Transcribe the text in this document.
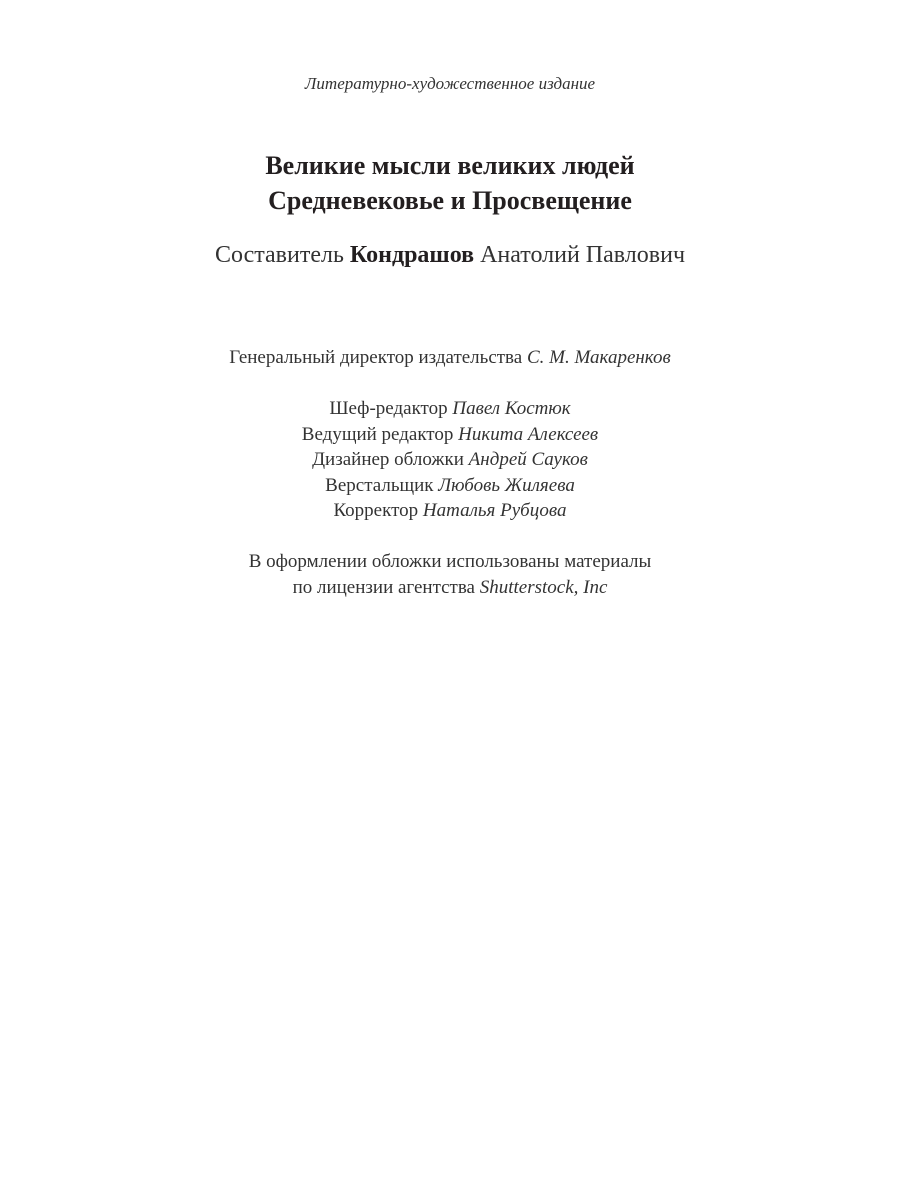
Литературно-художественное издание
Великие мысли великих людей
Средневековье и Просвещение
Составитель Кондрашов Анатолий Павлович
Генеральный директор издательства С. М. Макаренков
Шеф-редактор Павел Костюк
Ведущий редактор Никита Алексеев
Дизайнер обложки Андрей Сауков
Верстальщик Любовь Жиляева
Корректор Наталья Рубцова
В оформлении обложки использованы материалы
по лицензии агентства Shutterstock, Inc
